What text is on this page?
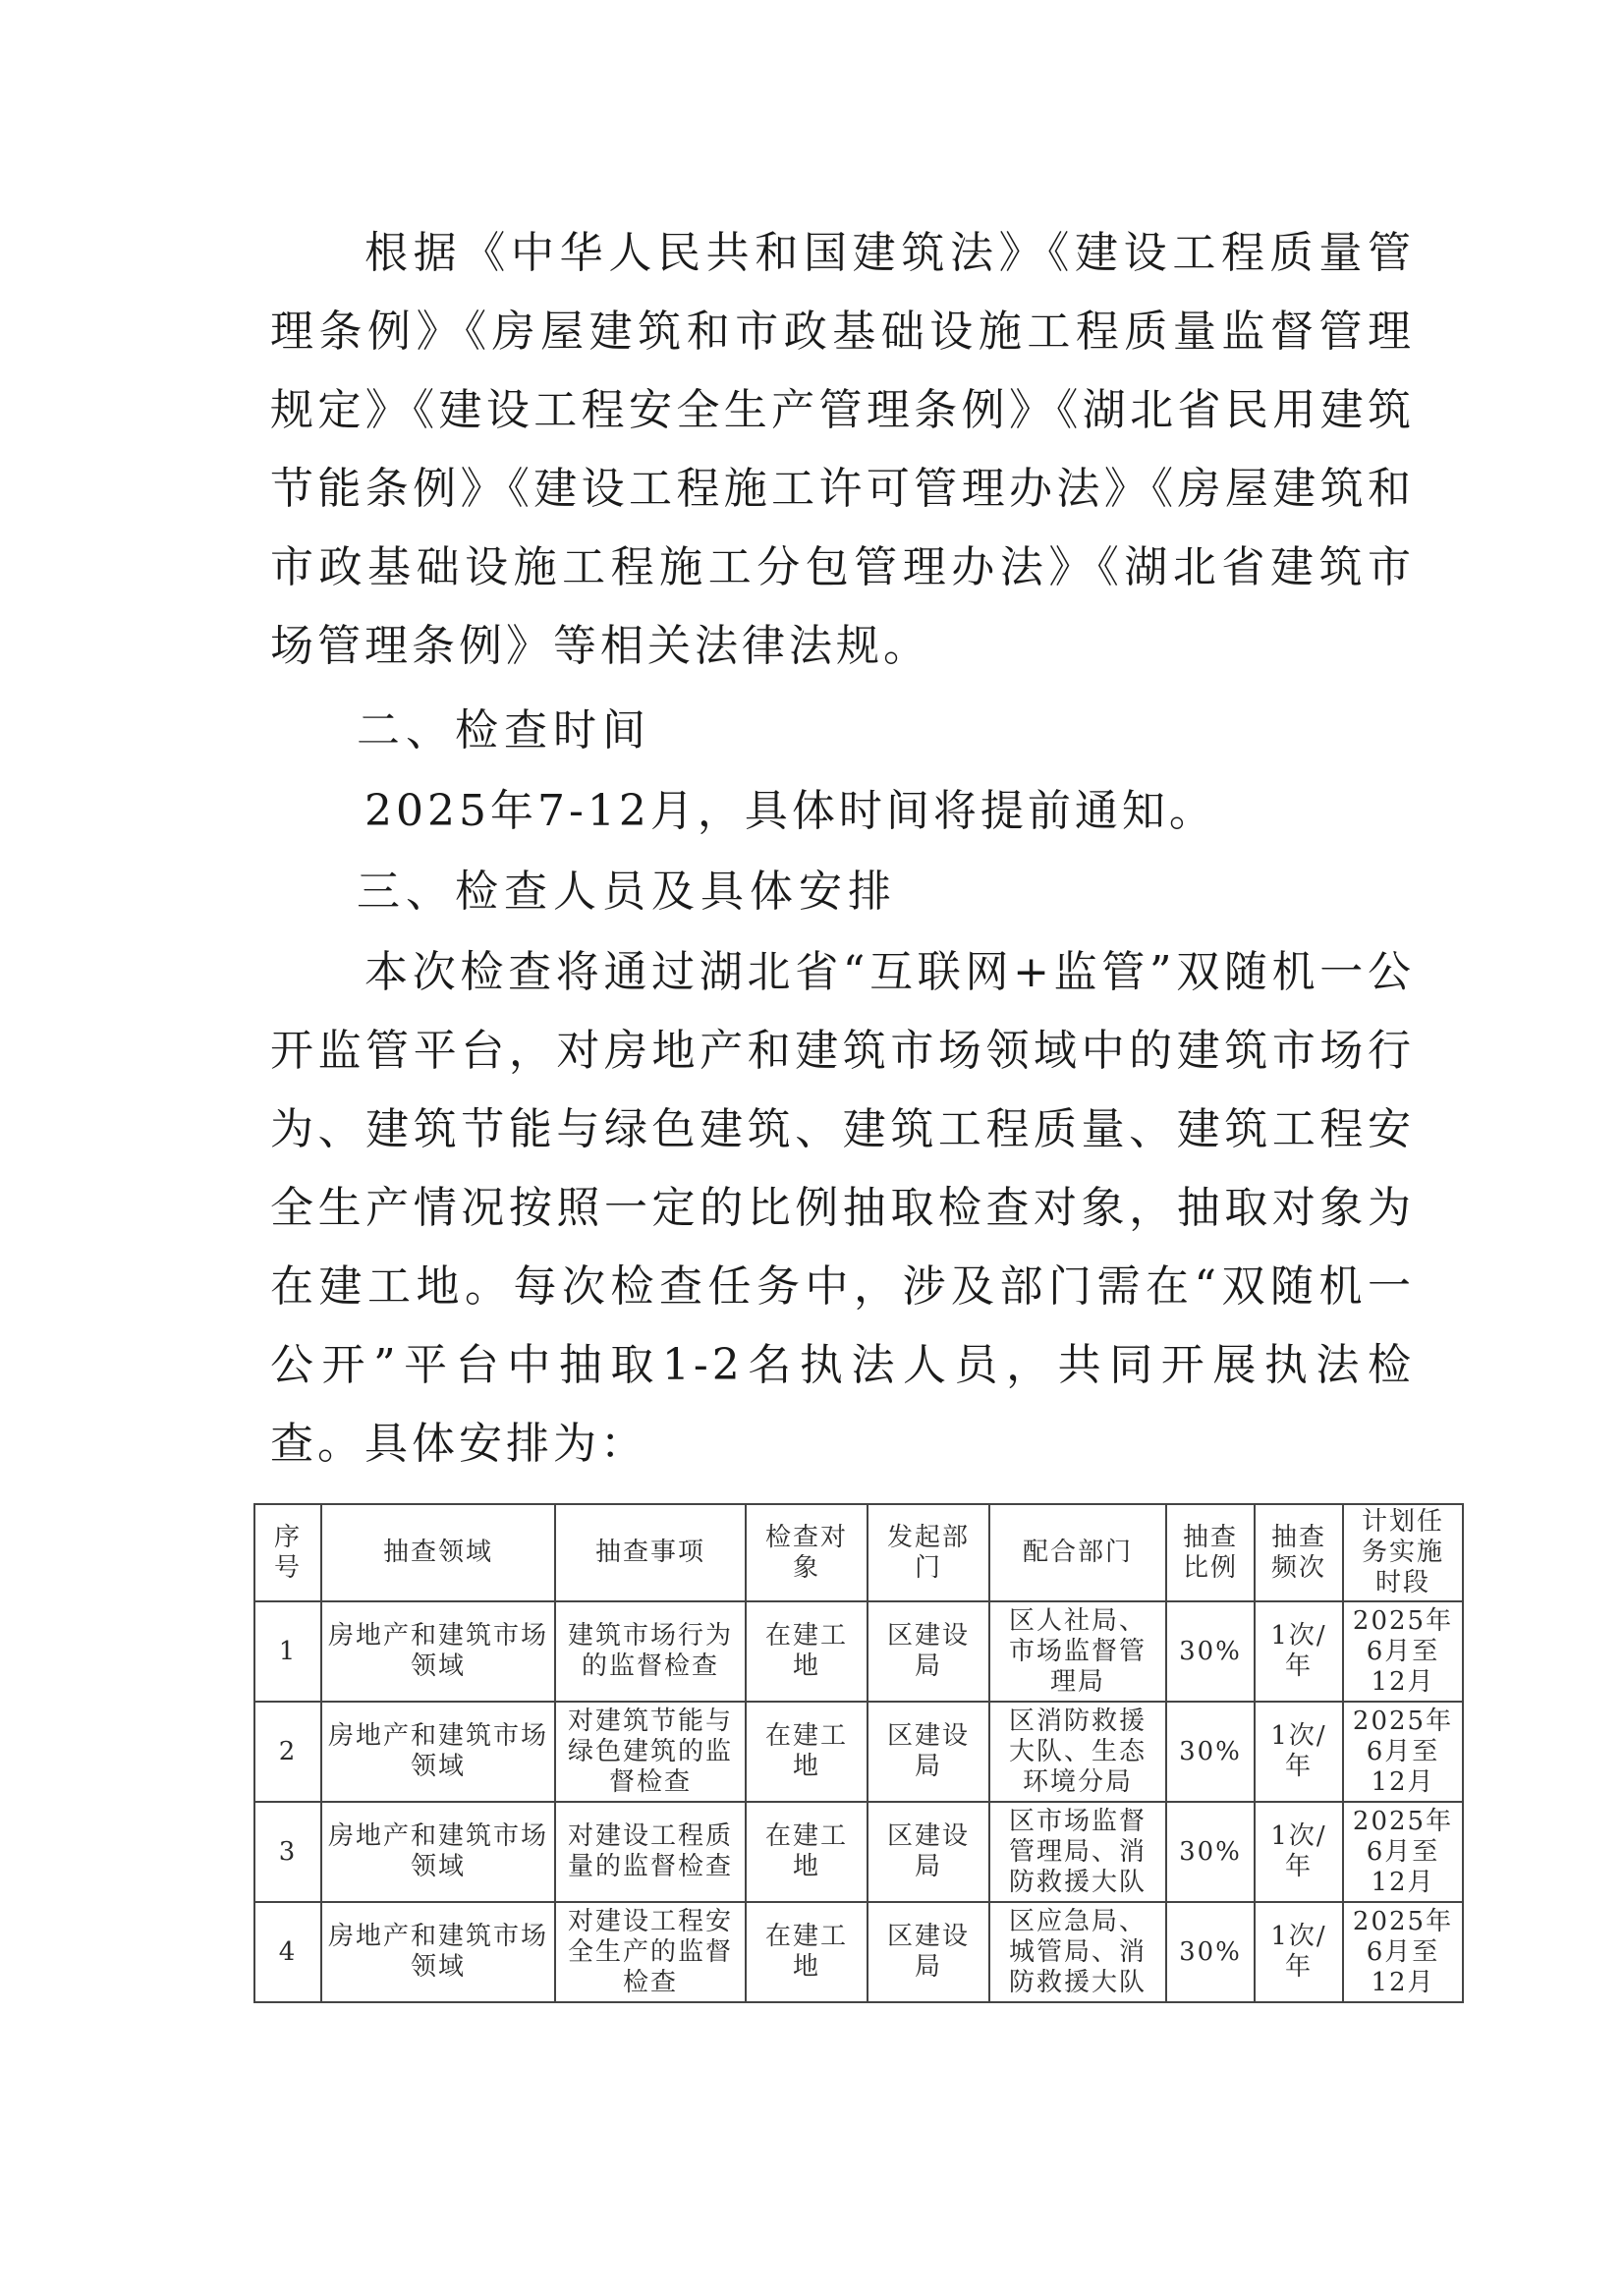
根据《中华人民共和国建筑法》《建设工程质量管理条例》《房屋建筑和市政基础设施工程质量监督管理规定》《建设工程安全生产管理条例》《湖北省民用建筑节能条例》《建设工程施工许可管理办法》《房屋建筑和市政基础设施工程施工分包管理办法》《湖北省建筑市场管理条例》等相关法律法规。

二、检查时间

2025年7-12月，具体时间将提前通知。

三、检查人员及具体安排

本次检查将通过湖北省“互联网+监管”双随机一公开监管平台，对房地产和建筑市场领域中的建筑市场行为、建筑节能与绿色建筑、建筑工程质量、建筑工程安全生产情况按照一定的比例抽取检查对象，抽取对象为在建工地。每次检查任务中，涉及部门需在“双随机一公开”平台中抽取1-2名执法人员，共同开展执法检查。具体安排为：

序号	抽查领域	抽查事项	检查对象	发起部门	配合部门	抽查比例	抽查频次	计划任务实施时段
1	房地产和建筑市场领域	建筑市场行为的监督检查	在建工地	区建设局	区人社局、市场监督管理局	30%	1次/年	2025年6月至12月
2	房地产和建筑市场领域	对建筑节能与绿色建筑的监督检查	在建工地	区建设局	区消防救援大队、生态环境分局	30%	1次/年	2025年6月至12月
3	房地产和建筑市场领域	对建设工程质量的监督检查	在建工地	区建设局	区市场监督管理局、消防救援大队	30%	1次/年	2025年6月至12月
4	房地产和建筑市场领域	对建设工程安全生产的监督检查	在建工地	区建设局	区应急局、城管局、消防救援大队	30%	1次/年	2025年6月至12月
